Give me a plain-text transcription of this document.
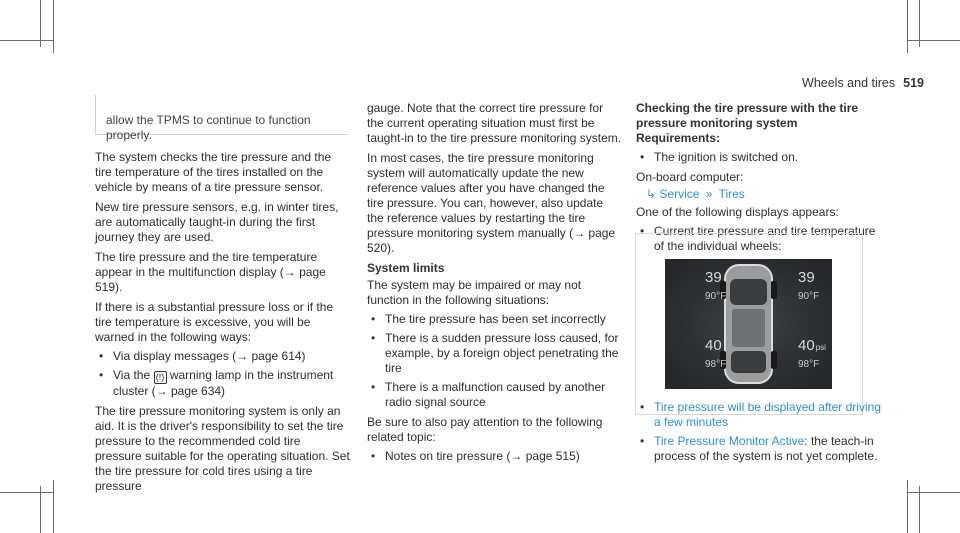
Wheels and tires 519

allow the TPMS to continue to function properly.

The system checks the tire pressure and the tire temperature of the tires installed on the vehicle by means of a tire pressure sensor.

New tire pressure sensors, e.g. in winter tires, are automatically taught-in during the first journey they are used.

The tire pressure and the tire temperature appear in the multifunction display (→ page 519).

If there is a substantial pressure loss or if the tire temperature is excessive, you will be warned in the following ways:

• Via display messages (→ page 614)
• Via the (!) warning lamp in the instrument cluster (→ page 634)

The tire pressure monitoring system is only an aid. It is the driver's responsibility to set the tire pressure to the recommended cold tire pressure suitable for the operating situation. Set the tire pressure for cold tires using a tire pressure

gauge. Note that the correct tire pressure for the current operating situation must first be taught-in to the tire pressure monitoring system.

In most cases, the tire pressure monitoring system will automatically update the new reference values after you have changed the tire pressure. You can, however, also update the reference values by restarting the tire pressure monitoring system manually (→ page 520).

System limits

The system may be impaired or may not function in the following situations:

• The tire pressure has been set incorrectly
• There is a sudden pressure loss caused, for example, by a foreign object penetrating the tire
• There is a malfunction caused by another radio signal source

Be sure to also pay attention to the following related topic:

• Notes on tire pressure (→ page 515)

Checking the tire pressure with the tire pressure monitoring system

Requirements:

• The ignition is switched on.

On-board computer:

↳ Service » Tires

One of the following displays appears:

• Current tire pressure and tire temperature of the individual wheels:
39
90°F
39
90°F
40
98°F
40psi
98°F
• Tire pressure will be displayed after driving a few minutes
• Tire Pressure Monitor Active: the teach-in process of the system is not yet complete.
